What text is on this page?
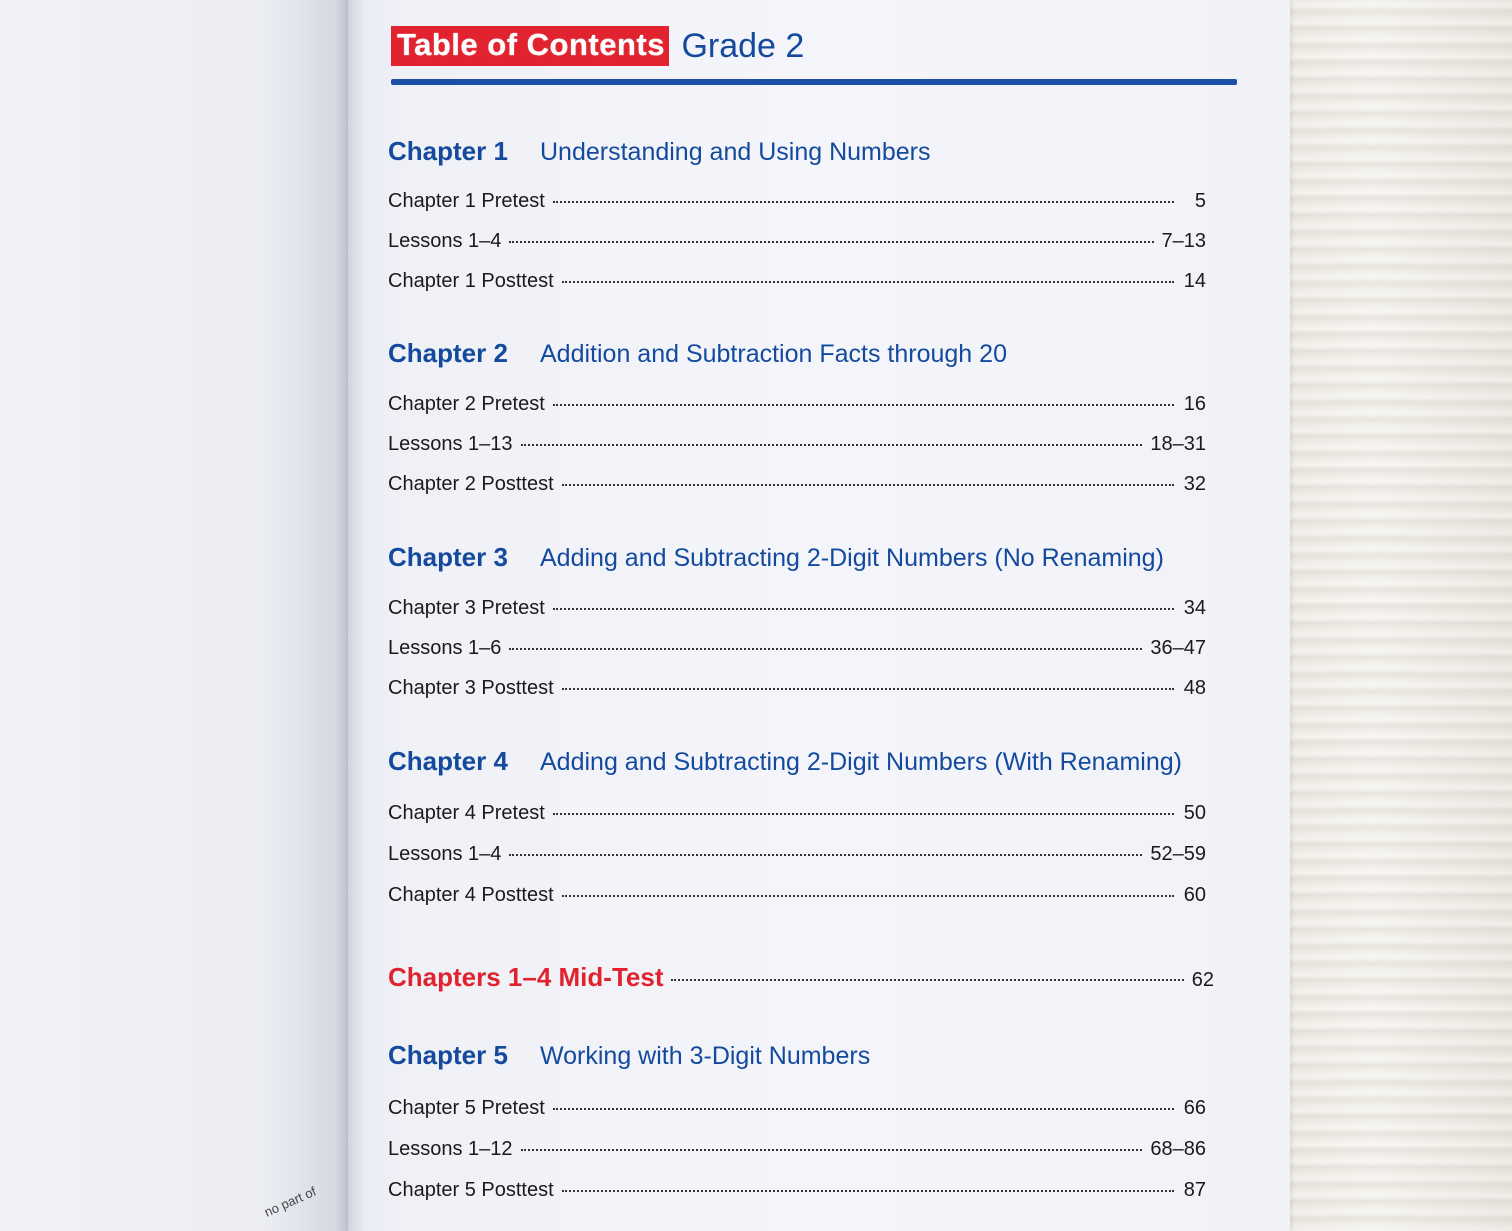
no part of
Table of Contents Grade 2
Chapter 1	Understanding and Using Numbers
Chapter 1 Pretest	5
Lessons 1–4	7–13
Chapter 1 Posttest	14
Chapter 2	Addition and Subtraction Facts through 20
Chapter 2 Pretest	16
Lessons 1–13	18–31
Chapter 2 Posttest	32
Chapter 3	Adding and Subtracting 2-Digit Numbers (No Renaming)
Chapter 3 Pretest	34
Lessons 1–6	36–47
Chapter 3 Posttest	48
Chapter 4	Adding and Subtracting 2-Digit Numbers (With Renaming)
Chapter 4 Pretest	50
Lessons 1–4	52–59
Chapter 4 Posttest	60
Chapters 1–4 Mid-Test	62
Chapter 5	Working with 3-Digit Numbers
Chapter 5 Pretest	66
Lessons 1–12	68–86
Chapter 5 Posttest	87
